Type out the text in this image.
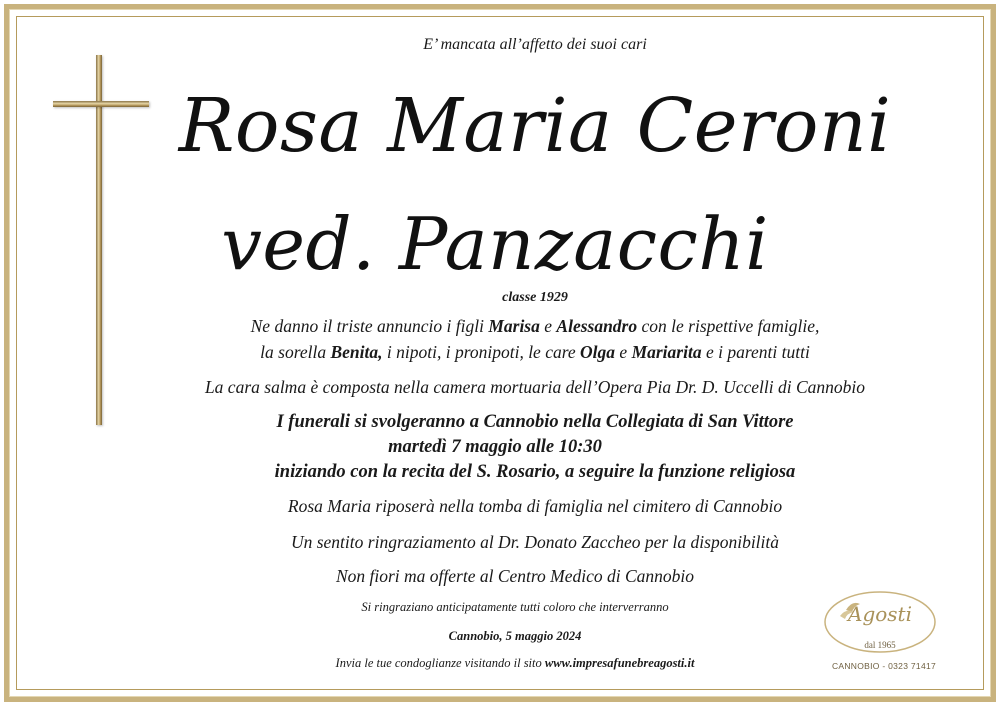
E’ mancata all’affetto dei suoi cari
Rosa Maria Ceroni
ved. Panzacchi
classe 1929
Ne danno il triste annuncio i figli Marisa e Alessandro con le rispettive famiglie,
la sorella Benita, i nipoti, i pronipoti, le care Olga e Mariarita e i parenti tutti
La cara salma è composta nella camera mortuaria dell’Opera Pia Dr. D. Uccelli di Cannobio
I funerali si svolgeranno a Cannobio nella Collegiata di San Vittore
martedì 7 maggio alle 10:30
iniziando con la recita del S. Rosario, a seguire la funzione religiosa
Rosa Maria riposerà nella tomba di famiglia nel cimitero di Cannobio
Un sentito ringraziamento al Dr. Donato Zaccheo per la disponibilità
Non fiori ma offerte al Centro Medico di Cannobio
Si ringraziano anticipatamente tutti coloro che interverranno
Cannobio, 5 maggio 2024
Invia le tue condoglianze visitando il sito www.impresafunebreagosti.it
Agosti
dal 1965
CANNOBIO - 0323 71417
